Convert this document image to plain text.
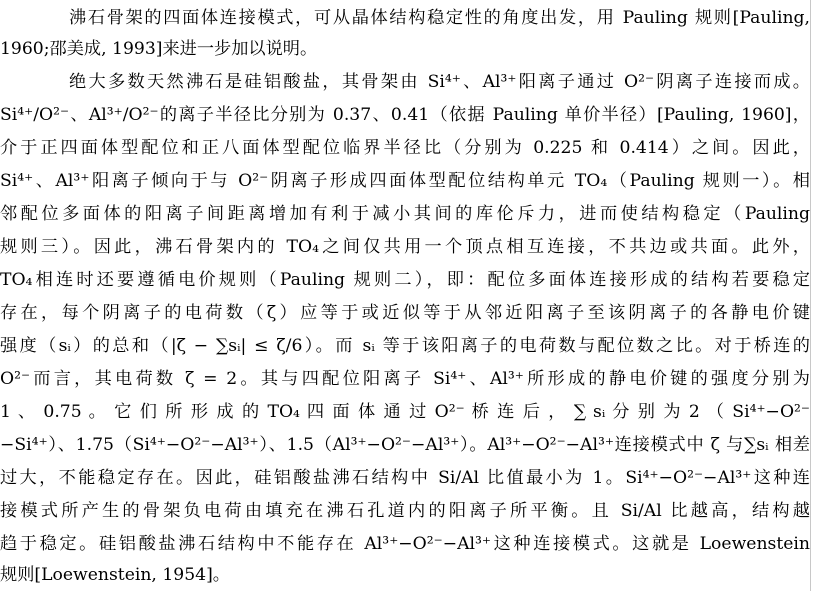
沸石骨架的四面体连接模式，可从晶体结构稳定性的角度出发，用 Pauling 规则[Pauling,
1960;邵美成, 1993]来进一步加以说明。
绝大多数天然沸石是硅铝酸盐，其骨架由 Si⁴⁺、Al³⁺阳离子通过 O²⁻阴离子连接而成。
Si⁴⁺/O²⁻、Al³⁺/O²⁻的离子半径比分别为 0.37、0.41（依据 Pauling 单价半径）[Pauling, 1960]，
介于正四面体型配位和正八面体型配位临界半径比（分别为 0.225 和 0.414）之间。因此，
Si⁴⁺、Al³⁺阳离子倾向于与 O²⁻阴离子形成四面体型配位结构单元 TO₄（Pauling 规则一）。相
邻配位多面体的阳离子间距离增加有利于减小其间的库伦斥力，进而使结构稳定（Pauling
规则三）。因此，沸石骨架内的 TO₄之间仅共用一个顶点相互连接，不共边或共面。此外，
TO₄相连时还要遵循电价规则（Pauling 规则二），即：配位多面体连接形成的结构若要稳定
存在，每个阴离子的电荷数（ζ）应等于或近似等于从邻近阳离子至该阴离子的各静电价键
强度（sᵢ）的总和（|ζ − ∑sᵢ| ≤ ζ/6）。而 sᵢ 等于该阳离子的电荷数与配位数之比。对于桥连的
O²⁻而言，其电荷数 ζ = 2。其与四配位阳离子 Si⁴⁺、Al³⁺所形成的静电价键的强度分别为
1 、 0.75 。 它 们 所 形 成 的 TO₄ 四 面 体 通 过 O²⁻ 桥 连 后 ， ∑ sᵢ 分 别 为 2 （ Si⁴⁺−O²⁻
−Si⁴⁺）、1.75（Si⁴⁺−O²⁻−Al³⁺）、1.5（Al³⁺−O²⁻−Al³⁺）。Al³⁺−O²⁻−Al³⁺连接模式中 ζ 与∑sᵢ 相差
过大，不能稳定存在。因此，硅铝酸盐沸石结构中 Si/Al 比值最小为 1。Si⁴⁺−O²⁻−Al³⁺这种连
接模式所产生的骨架负电荷由填充在沸石孔道内的阳离子所平衡。且 Si/Al 比越高，结构越
趋于稳定。硅铝酸盐沸石结构中不能存在 Al³⁺−O²⁻−Al³⁺这种连接模式。这就是 Loewenstein
规则[Loewenstein, 1954]。
